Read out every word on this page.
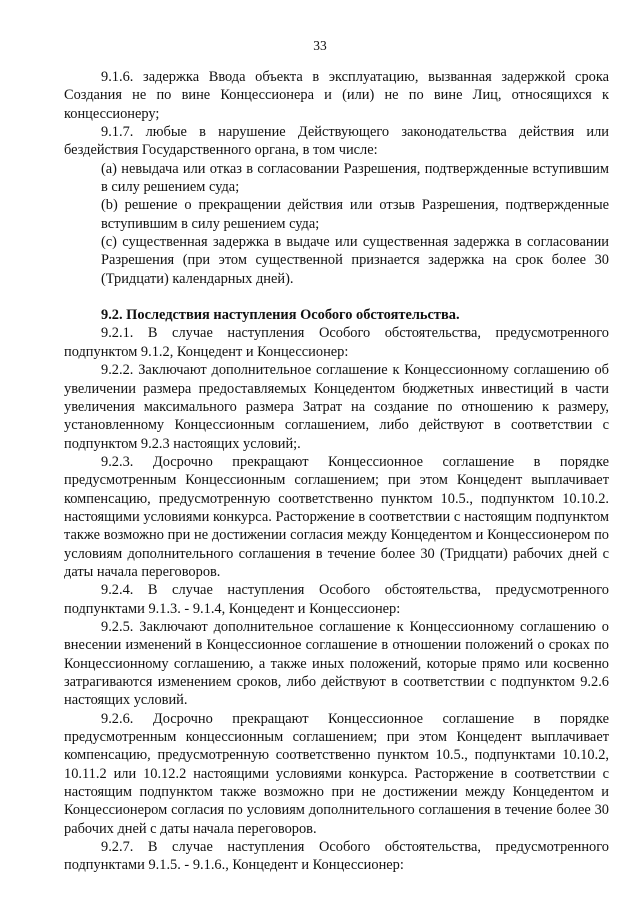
33

9.1.6. задержка Ввода объекта в эксплуатацию, вызванная задержкой срока Создания не по вине Концессионера и (или) не по вине Лиц, относящихся к концессионеру;

9.1.7. любые в нарушение Действующего законодательства действия или бездействия Государственного органа, в том числе:

(а) невыдача или отказ в согласовании Разрешения, подтвержденные вступившим в силу решением суда;

(b) решение о прекращении действия или отзыв Разрешения, подтвержденные вступившим в силу решением суда;

(с) существенная задержка в выдаче или существенная задержка в согласовании Разрешения (при этом существенной признается задержка на срок более 30 (Тридцати) календарных дней).

9.2. Последствия наступления Особого обстоятельства.

9.2.1. В случае наступления Особого обстоятельства, предусмотренного подпунктом 9.1.2, Концедент и Концессионер:

9.2.2. Заключают дополнительное соглашение к Концессионному соглашению об увеличении размера предоставляемых Концедентом бюджетных инвестиций в части увеличения максимального размера Затрат на создание по отношению к размеру, установленному Концессионным соглашением, либо действуют в соответствии с подпунктом 9.2.3 настоящих условий;.

9.2.3. Досрочно прекращают Концессионное соглашение в порядке предусмотренным Концессионным соглашением; при этом Концедент выплачивает компенсацию, предусмотренную соответственно пунктом 10.5., подпунктом 10.10.2. настоящими условиями конкурса. Расторжение в соответствии с настоящим подпунктом также возможно при не достижении согласия между Концедентом и Концессионером по условиям дополнительного соглашения в течение более 30 (Тридцати) рабочих дней с даты начала переговоров.

9.2.4. В случае наступления Особого обстоятельства, предусмотренного подпунктами 9.1.3. - 9.1.4, Концедент и Концессионер:

9.2.5. Заключают дополнительное соглашение к Концессионному соглашению о внесении изменений в Концессионное соглашение в отношении положений о сроках по Концессионному соглашению, а также иных положений, которые прямо или косвенно затрагиваются изменением сроков, либо действуют в соответствии с подпунктом 9.2.6 настоящих условий.

9.2.6. Досрочно прекращают Концессионное соглашение в порядке предусмотренным концессионным соглашением; при этом Концедент выплачивает компенсацию, предусмотренную соответственно пунктом 10.5., подпунктами 10.10.2, 10.11.2 или 10.12.2 настоящими условиями конкурса. Расторжение в соответствии с настоящим подпунктом также возможно при не достижении между Концедентом и Концессионером согласия по условиям дополнительного соглашения в течение более 30 рабочих дней с даты начала переговоров.

9.2.7. В случае наступления Особого обстоятельства, предусмотренного подпунктами 9.1.5. - 9.1.6., Концедент и Концессионер:
